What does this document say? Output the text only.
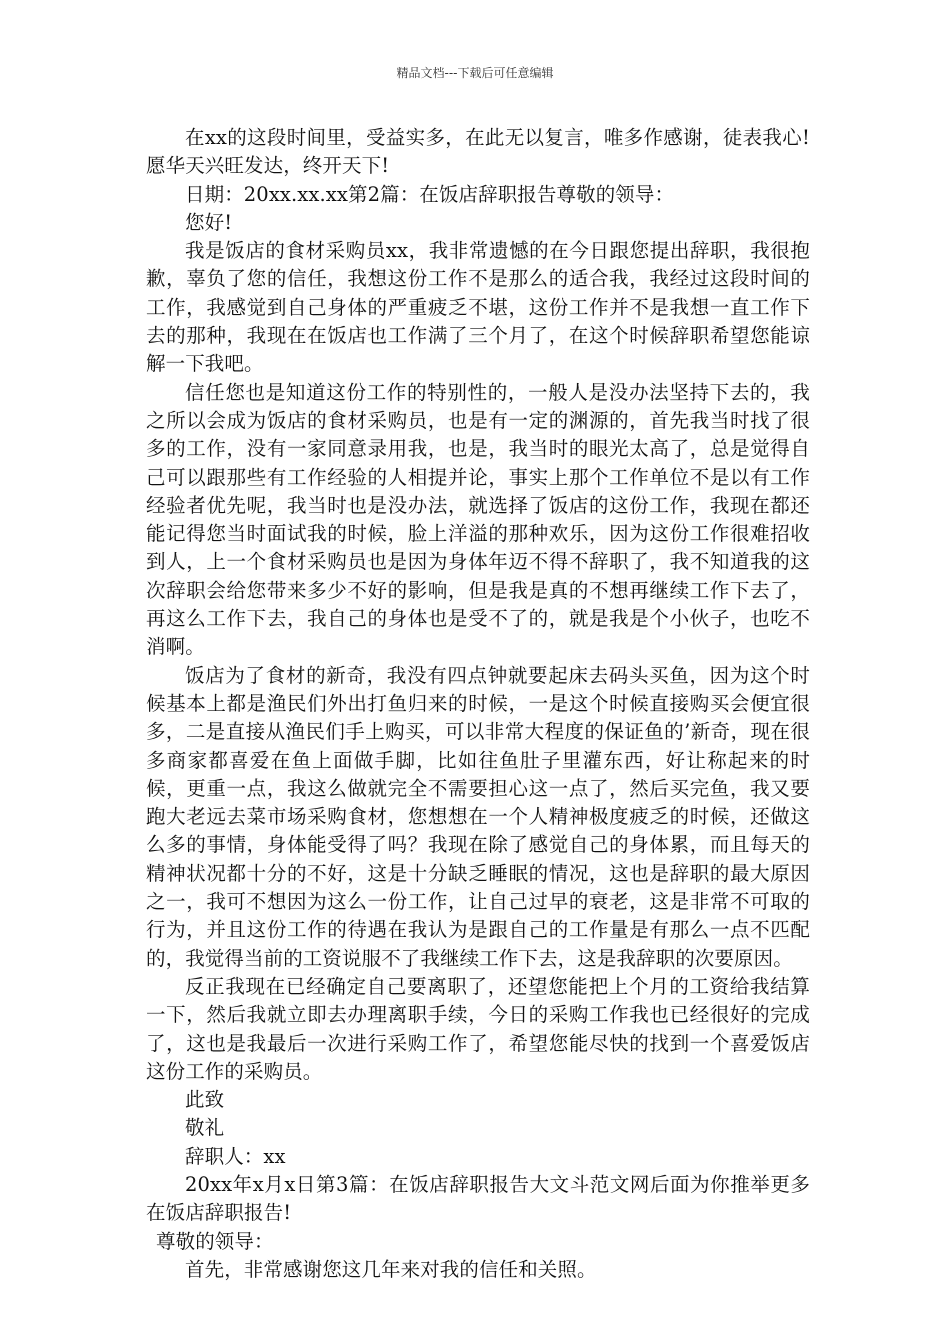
精品文档---下载后可任意编辑

在xx的这段时间里，受益实多，在此无以复言，唯多作感谢，徒表我心!愿华天兴旺发达，终开天下!

日期：20xx.xx.xx第2篇：在饭店辞职报告尊敬的领导：

您好!

我是饭店的食材采购员xx，我非常遗憾的在今日跟您提出辞职，我很抱歉，辜负了您的信任，我想这份工作不是那么的适合我，我经过这段时间的工作，我感觉到自己身体的严重疲乏不堪，这份工作并不是我想一直工作下去的那种，我现在在饭店也工作满了三个月了，在这个时候辞职希望您能谅解一下我吧。

信任您也是知道这份工作的特别性的，一般人是没办法坚持下去的，我之所以会成为饭店的食材采购员，也是有一定的渊源的，首先我当时找了很多的工作，没有一家同意录用我，也是，我当时的眼光太高了，总是觉得自己可以跟那些有工作经验的人相提并论，事实上那个工作单位不是以有工作经验者优先呢，我当时也是没办法，就选择了饭店的这份工作，我现在都还能记得您当时面试我的时候，脸上洋溢的那种欢乐，因为这份工作很难招收到人，上一个食材采购员也是因为身体年迈不得不辞职了，我不知道我的这次辞职会给您带来多少不好的影响，但是我是真的不想再继续工作下去了，再这么工作下去，我自己的身体也是受不了的，就是我是个小伙子，也吃不消啊。

饭店为了食材的新奇，我没有四点钟就要起床去码头买鱼，因为这个时候基本上都是渔民们外出打鱼归来的时候，一是这个时候直接购买会便宜很多，二是直接从渔民们手上购买，可以非常大程度的保证鱼的’新奇，现在很多商家都喜爱在鱼上面做手脚，比如往鱼肚子里灌东西，好让称起来的时候，更重一点，我这么做就完全不需要担心这一点了，然后买完鱼，我又要跑大老远去菜市场采购食材，您想想在一个人精神极度疲乏的时候，还做这么多的事情，身体能受得了吗？我现在除了感觉自己的身体累，而且每天的精神状况都十分的不好，这是十分缺乏睡眠的情况，这也是辞职的最大原因之一，我可不想因为这么一份工作，让自己过早的衰老，这是非常不可取的行为，并且这份工作的待遇在我认为是跟自己的工作量是有那么一点不匹配的，我觉得当前的工资说服不了我继续工作下去，这是我辞职的次要原因。

反正我现在已经确定自己要离职了，还望您能把上个月的工资给我结算一下，然后我就立即去办理离职手续，今日的采购工作我也已经很好的完成了，这也是我最后一次进行采购工作了，希望您能尽快的找到一个喜爱饭店这份工作的采购员。

此致

敬礼

辞职人：xx

20xx年x月x日第3篇：在饭店辞职报告大文斗范文网后面为你推举更多在饭店辞职报告!

尊敬的领导：

首先，非常感谢您这几年来对我的信任和关照。
